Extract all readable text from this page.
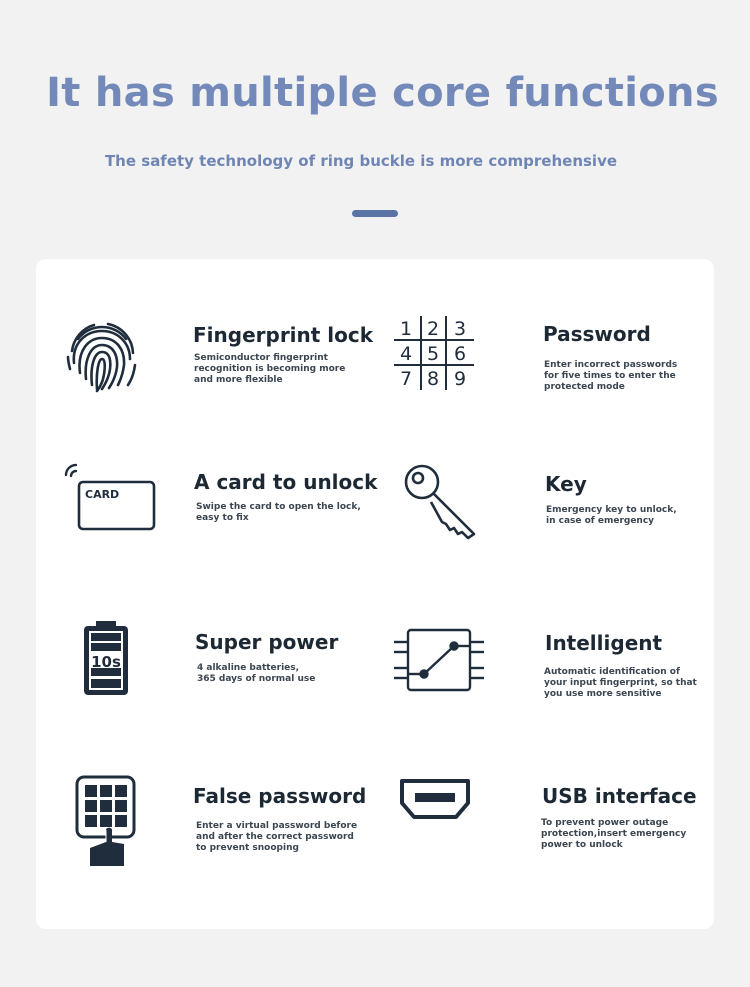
It has multiple core functions

The safety technology of ring buckle is more comprehensive

Fingerprint lock

Semiconductor fingerprint
recognition is becoming more
and more flexible

1 2 3
4 5 6
7 8 9
Password

Enter incorrect passwords
for five times to enter the
protected mode

CARD
A card to unlock

Swipe the card to open the lock,
easy to fix

Key

Emergency key to unlock,
in case of emergency

10s
Super power

4 alkaline batteries,
365 days of normal use

Intelligent

Automatic identification of
your input fingerprint, so that
you use more sensitive

False password

Enter a virtual password before
and after the correct password
to prevent snooping

USB interface

To prevent power outage
protection,insert emergency
power to unlock
